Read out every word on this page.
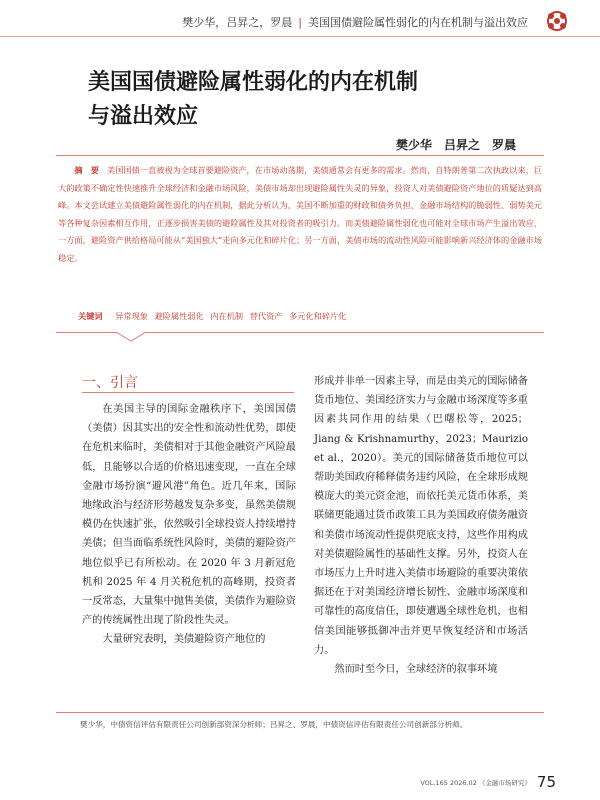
樊少华，吕昇之，罗晨 | 美国国债避险属性弱化的内在机制与溢出效应
美国国债避险属性弱化的内在机制
与溢出效应
樊少华　吕昇之　罗晨
摘　要 美国国债一直被视为全球首要避险资产，在市场动荡期，美债通常会有更多的需求。然而，自特朗普第二次执政以来，巨大的政策不确定性快速推升全球经济和金融市场风险，美债市场却出现避险属性失灵的异象，投资人对美债避险资产地位的质疑达到高峰。本文尝试建立美债避险属性弱化的内在机制，据此分析认为，美国不断加重的财政和债务负担、金融市场结构的脆弱性、弱势美元等各种复杂因素相互作用，正逐步损害美债的避险属性及其对投资者的吸引力。而美债避险属性弱化也可能对全球市场产生溢出效应，一方面，避险资产供给格局可能从“美国独大”走向多元化和碎片化；另一方面，美债市场的流动性风险可能影响新兴经济体的金融市场稳定。
关键词 异常现象 避险属性弱化 内在机制 替代资产 多元化和碎片化
一、引言

在美国主导的国际金融秩序下，美国国债（美债）因其实出的安全性和流动性优势，即使在危机来临时，美债相对于其他金融资产风险最低，且能够以合适的价格迅速变现，一直在全球金融市场扮演“避风港”角色。近几年来，国际地缘政治与经济形势越发复杂多变，虽然美债规模仍在快速扩张，依然吸引全球投资人持续增持美债；但当面临系统性风险时，美债的避险资产地位似乎已有所松动。在 2020 年 3 月新冠危机和 2025 年 4 月关税危机的高峰期，投资者一反常态，大量集中抛售美债，美债作为避险资产的传统属性出现了阶段性失灵。

大量研究表明，美债避险资产地位的

形成并非单一因素主导，而是由美元的国际储备货币地位、美国经济实力与金融市场深度等多重因素共同作用的结果（巴曙松等，2025；Jiang & Krishnamurthy，2023；Maurizio et al.，2020）。美元的国际储备货币地位可以帮助美国政府稀释债务违约风险，在全球形成规模庞大的美元资金池，而依托美元货币体系，美联储更能通过货币政策工具为美国政府债务融资和美债市场流动性提供兜底支持，这些作用构成对美债避险属性的基础性支撑。另外，投资人在市场压力上升时进入美债市场避险的重要决策依据还在于对美国经济增长韧性、金融市场深度和可靠性的高度信任，即使遭遇全球性危机，也相信美国能够抵御冲击并更早恢复经济和市场活力。

然而时至今日，全球经济的叙事环境

樊少华，中债资信评估有限责任公司创新部资深分析师；吕昇之、罗晨，中债资信评估有限责任公司创新部分析师。
VOL.165 2026.02 《金融市场研究》 75
